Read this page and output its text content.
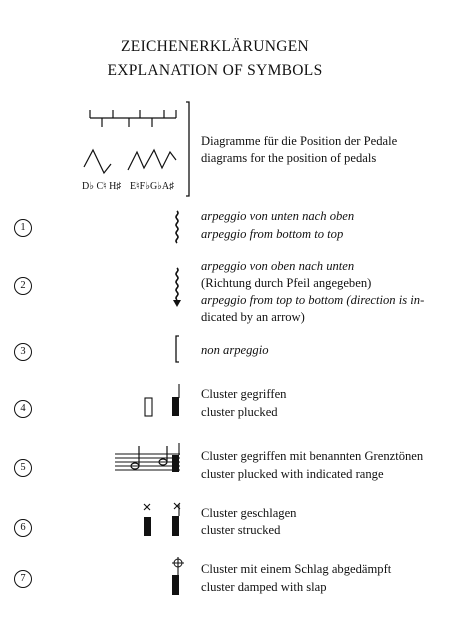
ZEICHENERKLÄRUNGEN
EXPLANATION OF SYMBOLS
D♭ C♮ H♯ E♮F♭G♭A♯
Diagramme für die Position der Pedale
diagrams for the position of pedals
1
arpeggio von unten nach oben
arpeggio from bottom to top
2
arpeggio von oben nach unten
(Richtung durch Pfeil angegeben)
arpeggio from top to bottom (direction is in-
dicated by an arrow)
3	non arpeggio
4
Cluster gegriffen
cluster plucked
5
Cluster gegriffen mit benannten Grenztönen
cluster plucked with indicated range
6
Cluster geschlagen
cluster strucked
7
Cluster mit einem Schlag abgedämpft
cluster damped with slap
